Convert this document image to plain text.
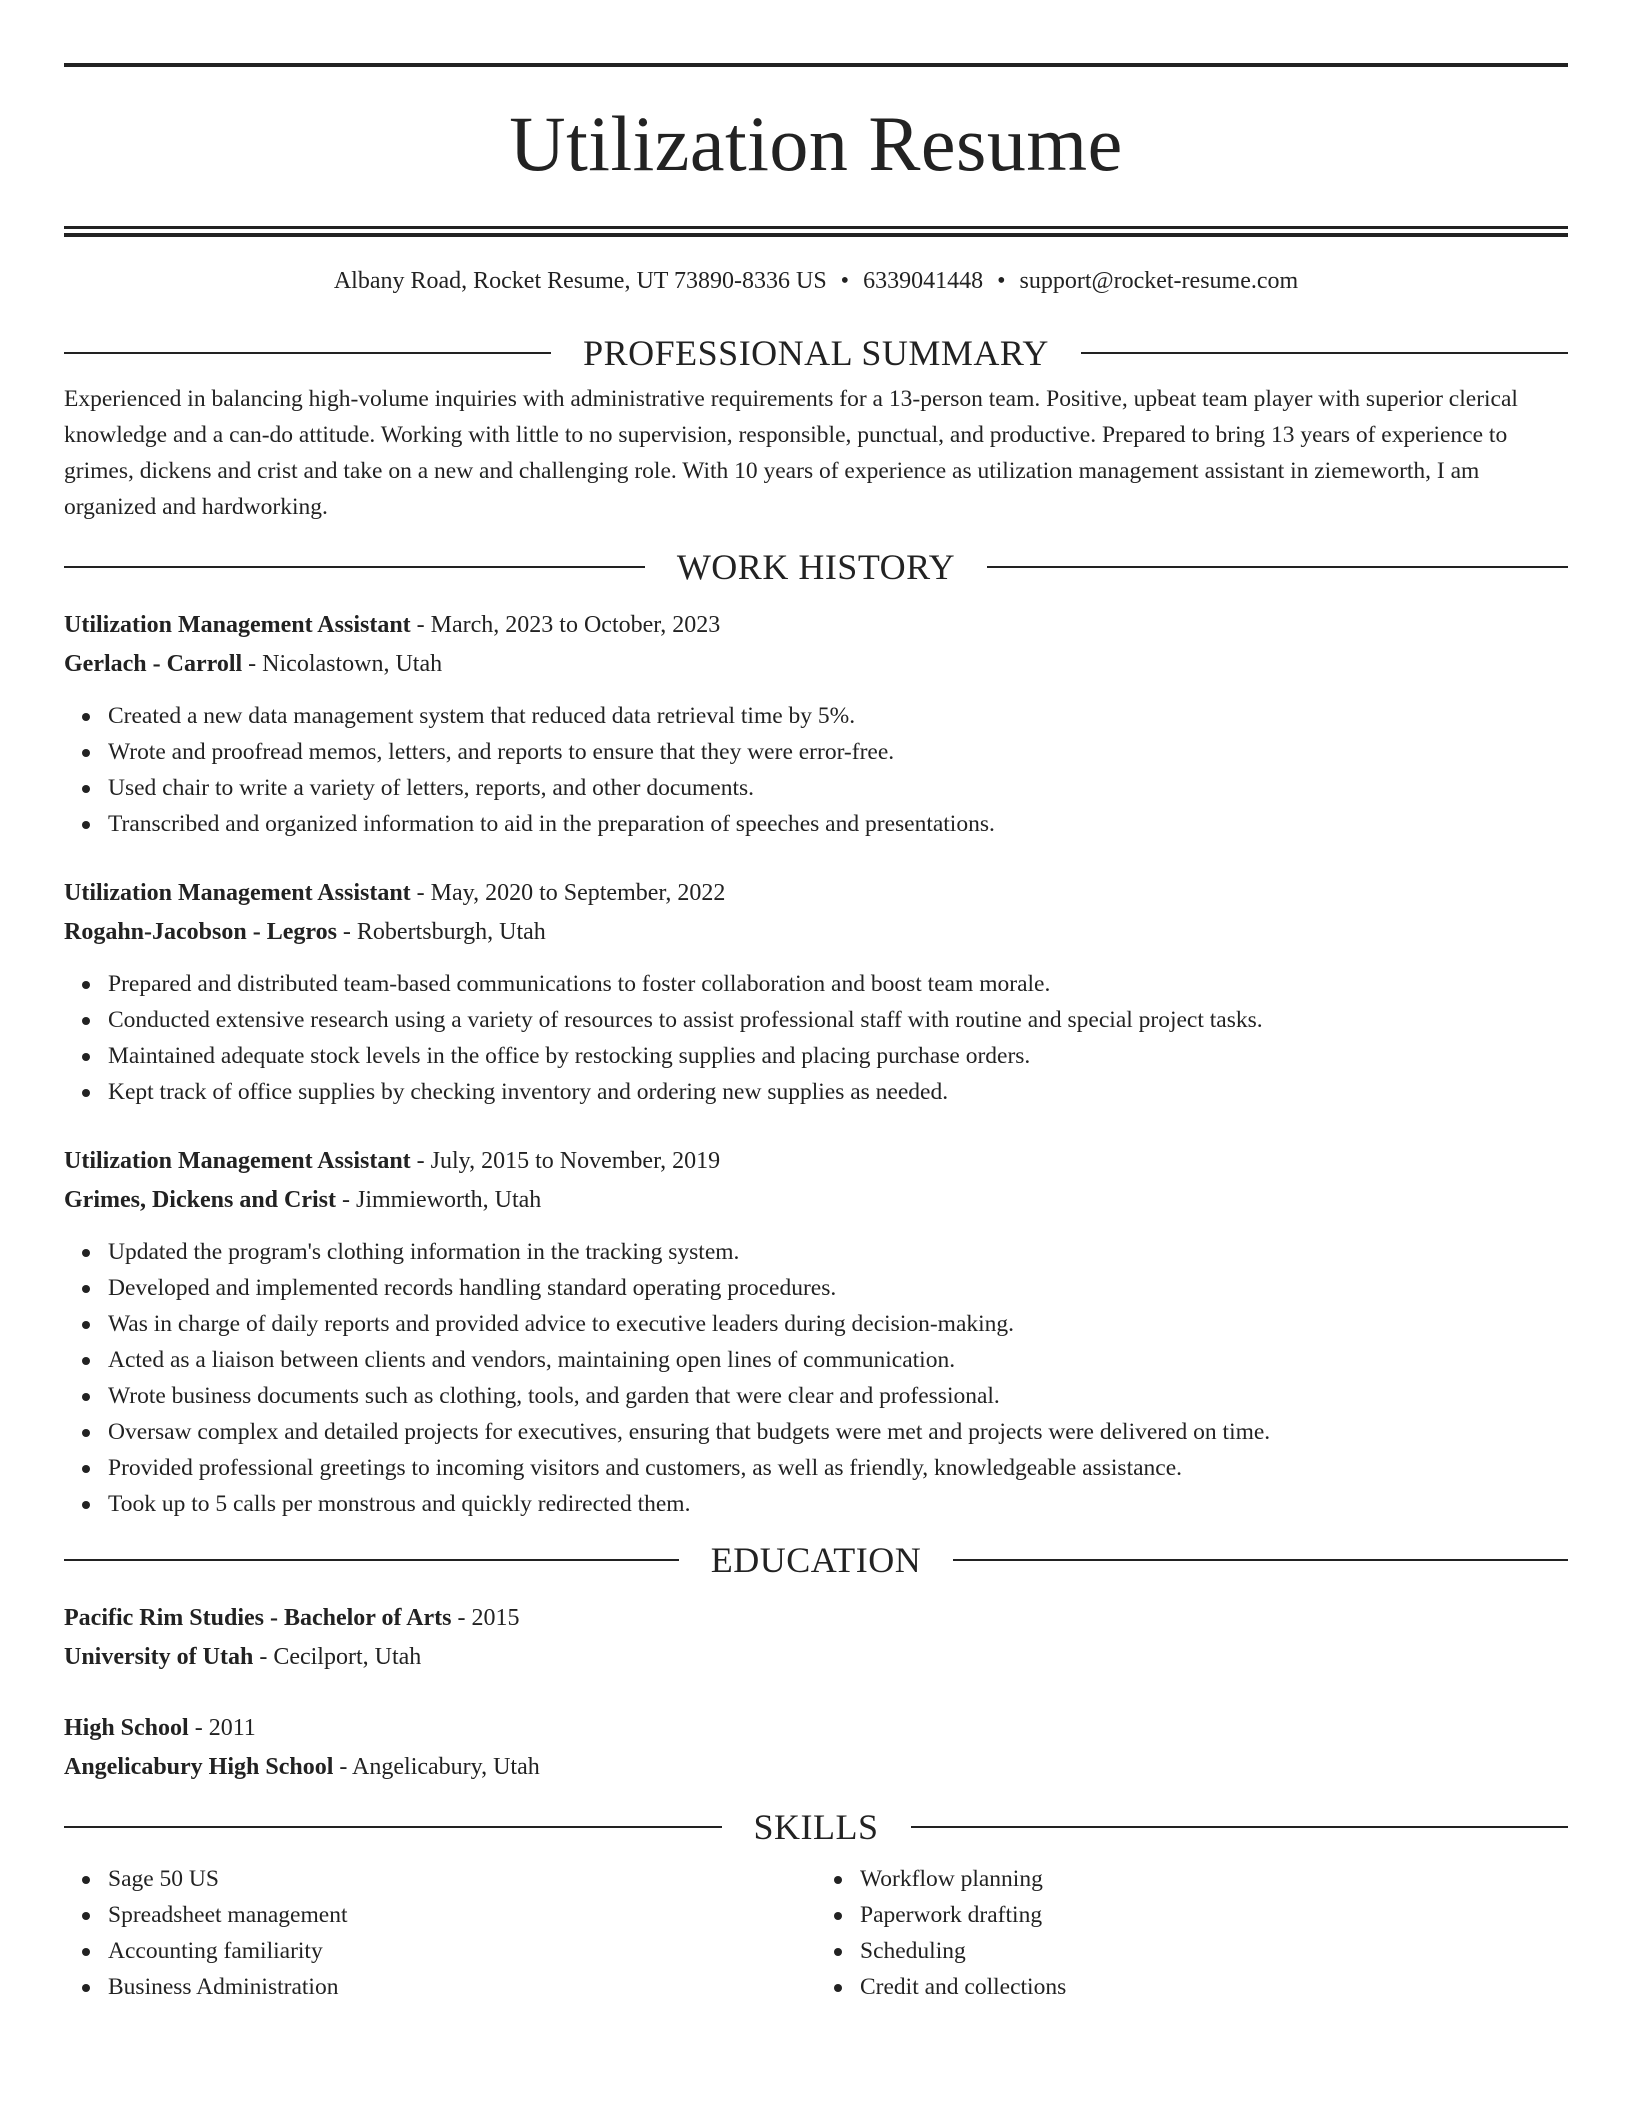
Utilization Resume
Albany Road, Rocket Resume, UT 73890-8336 US • 6339041448 • support@rocket-resume.com
PROFESSIONAL SUMMARY
Experienced in balancing high-volume inquiries with administrative requirements for a 13-person team. Positive, upbeat team player with superior clerical knowledge and a can-do attitude. Working with little to no supervision, responsible, punctual, and productive. Prepared to bring 13 years of experience to grimes, dickens and crist and take on a new and challenging role. With 10 years of experience as utilization management assistant in ziemeworth, I am organized and hardworking.
WORK HISTORY
Utilization Management Assistant - March, 2023 to October, 2023
Gerlach - Carroll - Nicolastown, Utah
Created a new data management system that reduced data retrieval time by 5%.
Wrote and proofread memos, letters, and reports to ensure that they were error-free.
Used chair to write a variety of letters, reports, and other documents.
Transcribed and organized information to aid in the preparation of speeches and presentations.
Utilization Management Assistant - May, 2020 to September, 2022
Rogahn-Jacobson - Legros - Robertsburgh, Utah
Prepared and distributed team-based communications to foster collaboration and boost team morale.
Conducted extensive research using a variety of resources to assist professional staff with routine and special project tasks.
Maintained adequate stock levels in the office by restocking supplies and placing purchase orders.
Kept track of office supplies by checking inventory and ordering new supplies as needed.
Utilization Management Assistant - July, 2015 to November, 2019
Grimes, Dickens and Crist - Jimmieworth, Utah
Updated the program's clothing information in the tracking system.
Developed and implemented records handling standard operating procedures.
Was in charge of daily reports and provided advice to executive leaders during decision-making.
Acted as a liaison between clients and vendors, maintaining open lines of communication.
Wrote business documents such as clothing, tools, and garden that were clear and professional.
Oversaw complex and detailed projects for executives, ensuring that budgets were met and projects were delivered on time.
Provided professional greetings to incoming visitors and customers, as well as friendly, knowledgeable assistance.
Took up to 5 calls per monstrous and quickly redirected them.
EDUCATION
Pacific Rim Studies - Bachelor of Arts - 2015
University of Utah - Cecilport, Utah
High School - 2011
Angelicabury High School - Angelicabury, Utah
SKILLS
Sage 50 US
Spreadsheet management
Accounting familiarity
Business Administration
Workflow planning
Paperwork drafting
Scheduling
Credit and collections
